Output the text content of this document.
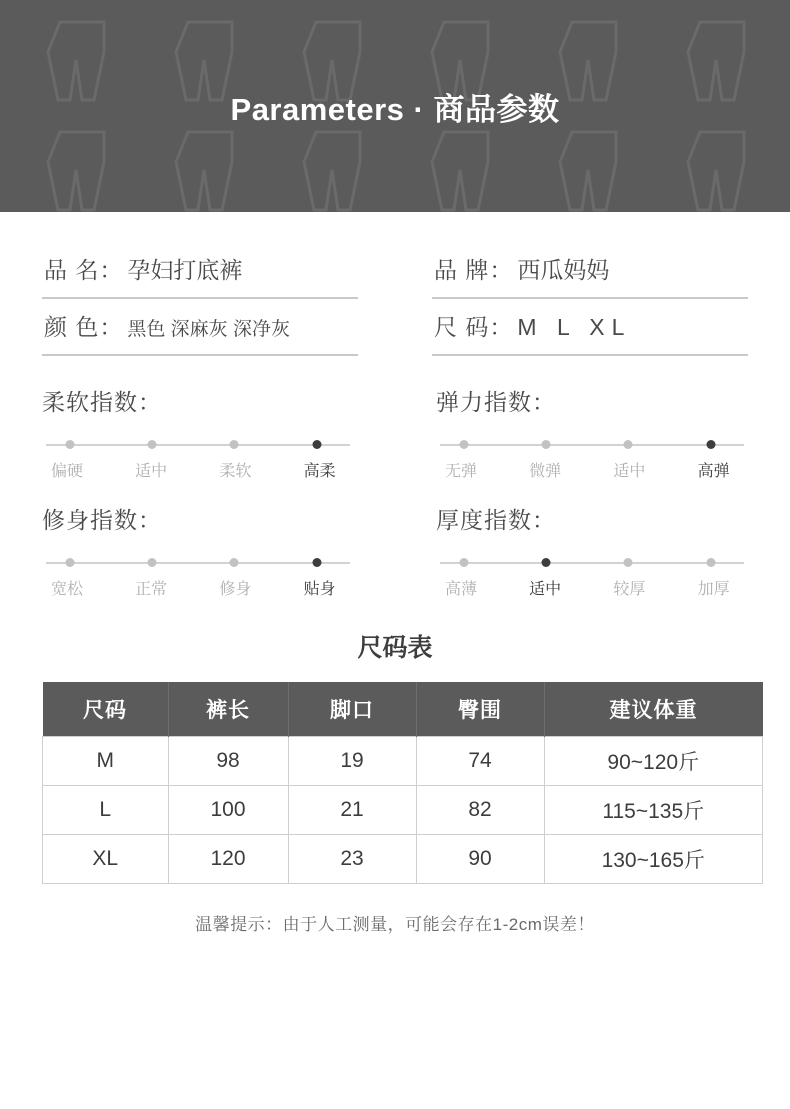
Parameters · 商品参数
品 名： 孕妇打底裤	品 牌： 西瓜妈妈
颜 色： 黑色 深麻灰 深净灰	尺 码： M L XL
柔软指数：
偏硬	适中	柔软	高柔
弹力指数：
无弹	微弹	适中	高弹
修身指数：
宽松	正常	修身	贴身
厚度指数：
高薄	适中	较厚	加厚
尺码表
尺码	裤长	脚口	臀围	建议体重
M	98	19	74	90~120斤
L	100	21	82	115~135斤
XL	120	23	90	130~165斤
温馨提示：由于人工测量，可能会存在1-2cm误差！
